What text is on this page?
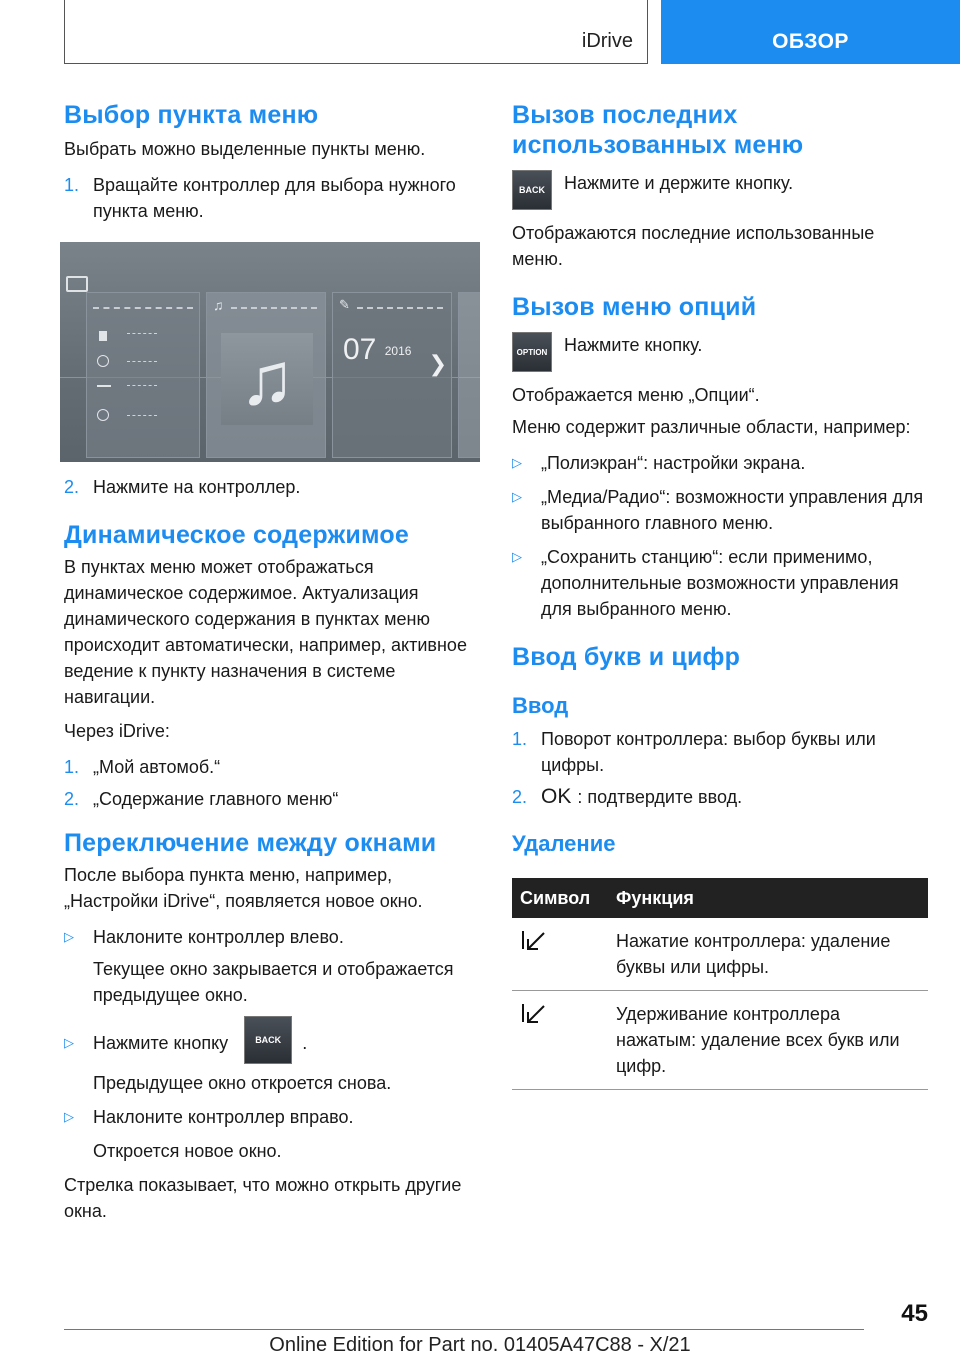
iDrive	ОБЗОР
Выбор пункта меню

Выбрать можно выделенные пункты меню.

1. Вращайте контроллер для выбора нужного пункта меню.
♫
♫
✎
07 2016 ❯
2. Нажмите на контроллер.
Динамическое содержимое

В пунктах меню может отображаться динамическое содержимое. Актуализация динамического содержания в пунктах меню происходит автоматически, например, активное ведение к пункту назначения в системе навигации.

Через iDrive:

1. „Мой автомоб.“
2. „Содержание главного меню“
Переключение между окнами

После выбора пункта меню, например, „Настройки iDrive“, появляется новое окно.

▷	Наклоните контроллер влево.
Текущее окно закрывается и отображается предыдущее окно.
▷	Нажмите кнопку	BACK	.
Предыдущее окно откроется снова.
▷	Наклоните контроллер вправо.
Откроется новое окно.

Стрелка показывает, что можно открыть другие окна.

Вызов последних использованных меню
BACK	Нажмите и держите кнопку.

Отображаются последние использованные меню.

Вызов меню опций
OPTION Нажмите кнопку.

Отображается меню „Опции“.

Меню содержит различные области, например:

▷	„Полиэкран“: настройки экрана.
▷	„Медиа/Радио“: возможности управления для выбранного главного меню.
▷	„Сохранить станцию“: если применимо, дополнительные возможности управления для выбранного меню.
Ввод букв и цифр
Ввод
1. Поворот контроллера: выбор буквы или цифры.
2. OK : подтвердите ввод.
Удаление
Символ	Функция
	Нажатие контроллера: удаление буквы или цифры.
	Удерживание контроллера нажатым: удаление всех букв или цифр.
45
Online Edition for Part no. 01405A47C88 - X/21
